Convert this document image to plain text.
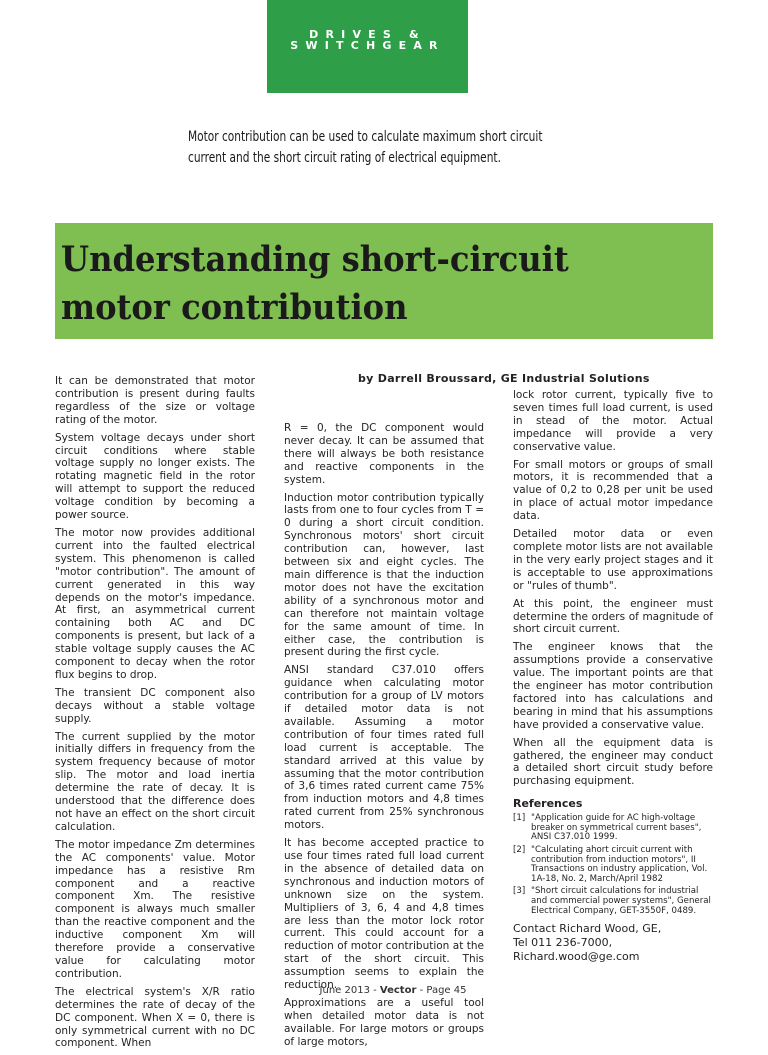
DRIVES &
SWITCHGEAR
Motor contribution can be used to calculate maximum short circuit
current and the short circuit rating of electrical equipment.
Understanding short-circuit
motor contribution
by Darrell Broussard, GE Industrial Solutions

It can be demonstrated that motor contribution is present during faults regardless of the size or voltage rating of the motor.

System voltage decays under short circuit conditions where stable voltage supply no longer exists. The rotating magnetic field in the rotor will attempt to support the reduced voltage condition by becoming a power source.

The motor now provides additional current into the faulted electrical system. This phenomenon is called "motor contribution". The amount of current generated in this way depends on the motor's impedance. At first, an asymmetrical current containing both AC and DC components is present, but lack of a stable voltage supply causes the AC component to decay when the rotor flux begins to drop.

The transient DC component also decays without a stable voltage supply.

The current supplied by the motor initially differs in frequency from the system frequency because of motor slip. The motor and load inertia determine the rate of decay. It is understood that the difference does not have an effect on the short circuit calculation.

The motor impedance Zm determines the AC components' value. Motor impedance has a resistive Rm component and a reactive component Xm. The resistive component is always much smaller than the reactive component and the inductive component Xm will therefore provide a conservative value for calculating motor contribution.

The electrical system's X/R ratio determines the rate of decay of the DC component. When X = 0, there is only symmetrical current with no DC component. When

R = 0, the DC component would never decay. It can be assumed that there will always be both resistance and reactive components in the system.

Induction motor contribution typically lasts from one to four cycles from T = 0 during a short circuit condition. Synchronous motors' short circuit contribution can, however, last between six and eight cycles. The main difference is that the induction motor does not have the excitation ability of a synchronous motor and can therefore not maintain voltage for the same amount of time. In either case, the contribution is present during the first cycle.

ANSI standard C37.010 offers guidance when calculating motor contribution for a group of LV motors if detailed motor data is not available. Assuming a motor contribution of four times rated full load current is acceptable. The standard arrived at this value by assuming that the motor contribution of 3,6 times rated current came 75% from induction motors and 4,8 times rated current from 25% synchronous motors.

It has become accepted practice to use four times rated full load current in the absence of detailed data on synchronous and induction motors of unknown size on the system. Multipliers of 3, 6, 4 and 4,8 times are less than the motor lock rotor current. This could account for a reduction of motor contribution at the start of the short circuit. This assumption seems to explain the reduction.

Approximations are a useful tool when detailed motor data is not available. For large motors or groups of large motors,

lock rotor current, typically five to seven times full load current, is used in stead of the motor. Actual impedance will provide a very conservative value.

For small motors or groups of small motors, it is recommended that a value of 0,2 to 0,28 per unit be used in place of actual motor impedance data.

Detailed motor data or even complete motor lists are not available in the very early project stages and it is acceptable to use approximations or "rules of thumb".

At this point, the engineer must determine the orders of magnitude of short circuit current.

The engineer knows that the assumptions provide a conservative value. The important points are that the engineer has motor contribution factored into has calculations and bearing in mind that his assumptions have provided a conservative value.

When all the equipment data is gathered, the engineer may conduct a detailed short circuit study before purchasing equipment.

References
[1] "Application guide for AC high-voltage breaker on symmetrical current bases", ANSI C37.010 1999.
[2] "Calculating ahort circuit current with contribution from induction motors", II Transactions on industry application, Vol. 1A-18, No. 2, March/April 1982
[3] "Short circuit calculations for industrial and commercial power systems", General Electrical Company, GET-3550F, 0489.
Contact Richard Wood, GE,
Tel 011 236-7000,
Richard.wood@ge.com
June 2013 - Vector - Page 45
